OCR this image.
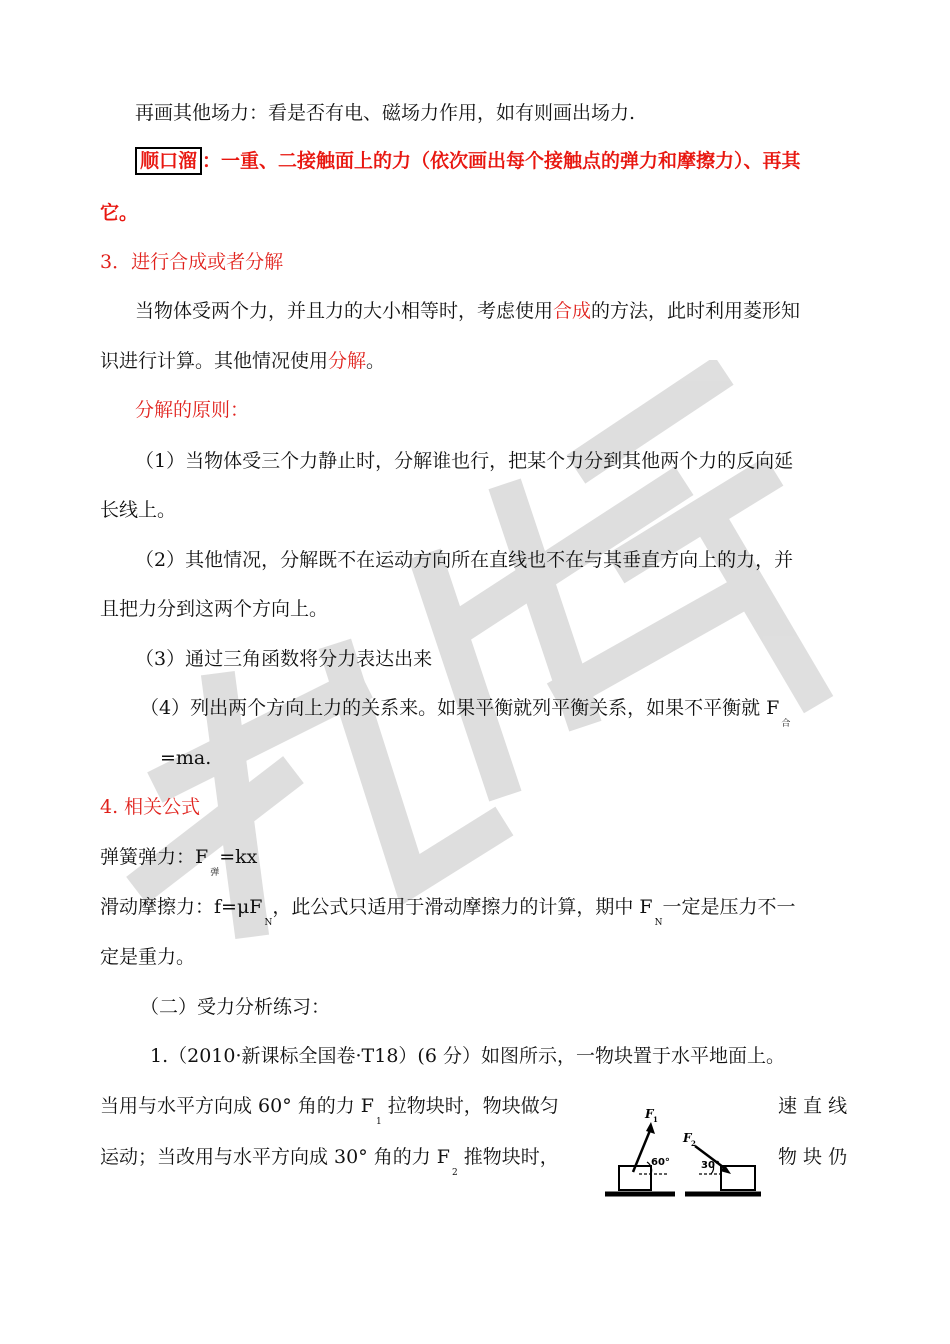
再画其他场力：看是否有电、磁场力作用，如有则画出场力.
顺口溜 ：一重、二接触面上的力（依次画出每个接触点的弹力和摩擦力）、再其
它。
3．进行合成或者分解
当物体受两个力，并且力的大小相等时，考虑使用合成的方法，此时利用菱形知
识进行计算。其他情况使用分解。
分解的原则：
（1）当物体受三个力静止时，分解谁也行，把某个力分到其他两个力的反向延
长线上。
（2）其他情况，分解既不在运动方向所在直线也不在与其垂直方向上的力，并
且把力分到这两个方向上。
（3）通过三角函数将分力表达出来
（4）列出两个方向上力的关系来。如果平衡就列平衡关系，如果不平衡就 $F_合$
=ma.
4. 相关公式
弹簧弹力：$F_弹=kx$
滑动摩擦力：$f=\mu F_N$，此公式只适用于滑动摩擦力的计算，期中 $F_N$一定是压力不一
定是重力。
（二）受力分析练习：
1.（2010·新课标全国卷·T18）(6 分）如图所示，一物块置于水平地面上。
当用与水平方向成 60° 角的力 $F_1$ 拉物块时，物块做匀	速 直 线
运动；当改用与水平方向成 30° 角的力 $F_2$ 推物块时，	物 块 仍
F 1
F 2
60°	30°
